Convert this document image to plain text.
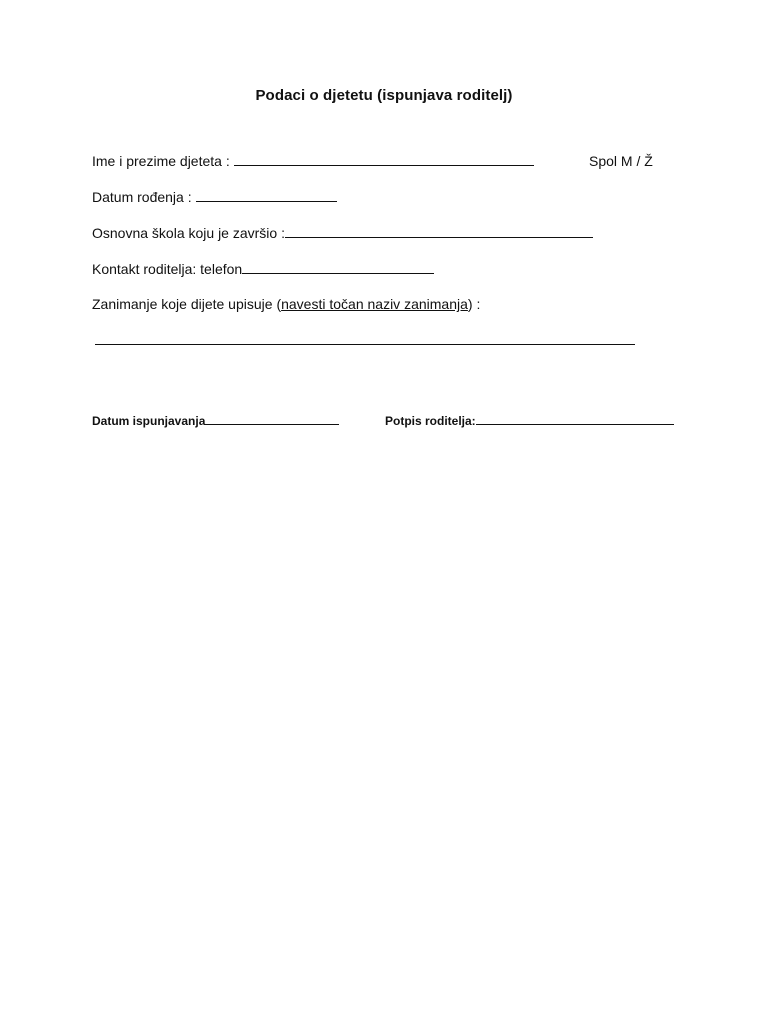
Podaci o djetetu (ispunjava roditelj)
Ime i prezime djeteta :	Spol M / Ž
Datum rođenja :
Osnovna škola koju je završio :
Kontakt roditelja: telefon
Zanimanje koje dijete upisuje ( navesti točan naziv zanimanja ) :
Datum ispunjavanja	Potpis roditelja:
